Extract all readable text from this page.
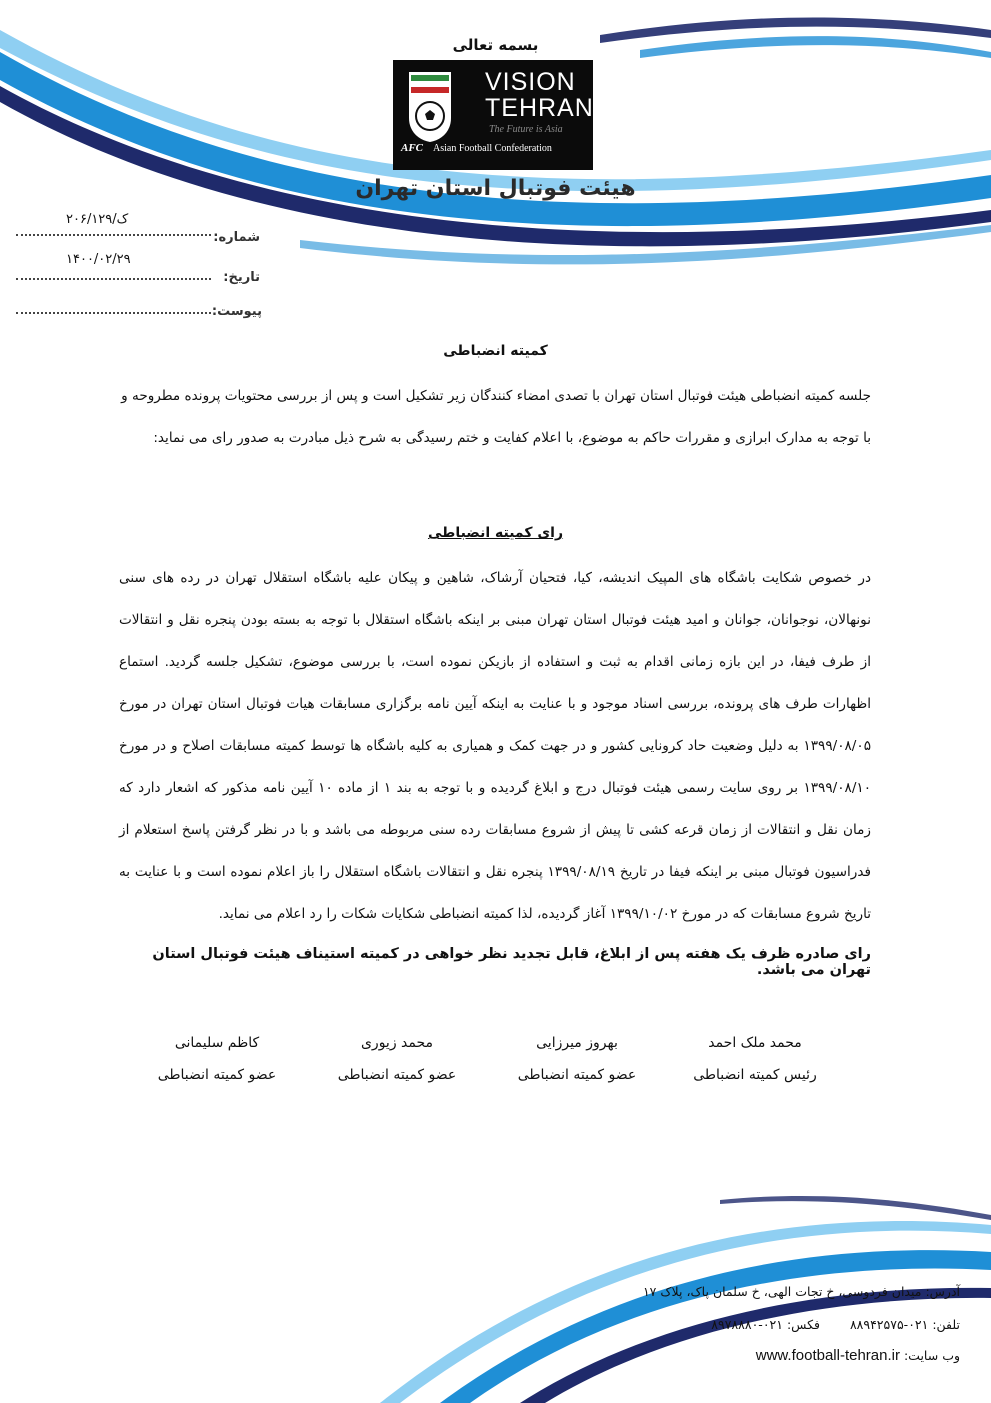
بسمه تعالی
VISION
TEHRAN
The Future is Asia
AFC Asian Football Confederation
هیئت فوتبال استان تهران
۲۰۶/ک/۱۲۹
شماره:
۱۴۰۰/۰۲/۲۹
تاریخ:
پیوست:
کمیته انضباطی
جلسه کمیته انضباطی هیئت فوتبال استان تهران با تصدی امضاء کنندگان زیر تشکیل است و پس از بررسی محتویات پرونده مطروحه و
با توجه به مدارک ابرازی و مقررات حاکم به موضوع، با اعلام کفایت و ختم رسیدگی به شرح ذیل مبادرت به صدور رای می نماید:
رای کمیته انضباطی
در خصوص شکایت باشگاه های المپیک اندیشه، کیا، فتحیان آرشاک، شاهین و پیکان علیه باشگاه استقلال تهران در رده های سنی نونهالان، نوجوانان، جوانان و امید هیئت فوتبال استان تهران مبنی بر اینکه باشگاه استقلال با توجه به بسته بودن پنجره نقل و انتقالات از طرف فیفا، در این بازه زمانی اقدام به ثبت و استفاده از بازیکن نموده است، با بررسی موضوع، تشکیل جلسه گردید. استماع اظهارات طرف های پرونده، بررسی اسناد موجود و با عنایت به اینکه آیین نامه برگزاری مسابقات هیات فوتبال استان تهران در مورخ ۱۳۹۹/۰۸/۰۵ به دلیل وضعیت حاد کرونایی کشور و در جهت کمک و همیاری به کلیه باشگاه ها توسط کمیته مسابقات اصلاح و در مورخ ۱۳۹۹/۰۸/۱۰ بر روی سایت رسمی هیئت فوتبال درج و ابلاغ گردیده و با توجه به بند ۱ از ماده ۱۰ آیین نامه مذکور که اشعار دارد که زمان نقل و انتقالات از زمان قرعه کشی تا پیش از شروع مسابقات رده سنی مربوطه می باشد و با در نظر گرفتن پاسخ استعلام از فدراسیون فوتبال مبنی بر اینکه فیفا در تاریخ ۱۳۹۹/۰۸/۱۹ پنجره نقل و انتقالات باشگاه استقلال را باز اعلام نموده است و با عنایت به تاریخ شروع مسابقات که در مورخ ۱۳۹۹/۱۰/۰۲ آغاز گردیده، لذا کمیته انضباطی شکایات شکات را رد اعلام می نماید.
رای صادره ظرف یک هفته پس از ابلاغ، قابل تجدید نظر خواهی در کمیته استیناف هیئت فوتبال استان تهران می باشد.
محمد ملک احمد
رئیس کمیته انضباطی
بهروز میرزایی
عضو کمیته انضباطی
محمد زیوری
عضو کمیته انضباطی
کاظم سلیمانی
عضو کمیته انضباطی
آدرس: میدان فردوسی، خ تجات الهی، خ سلمان پاک، پلاک ۱۷
تلفن: ۰۲۱-۸۸۹۴۲۵۷۵  فکس: ۰۲۱-۸۹۷۸۸۸۰
وب سایت: www.football-tehran.ir
